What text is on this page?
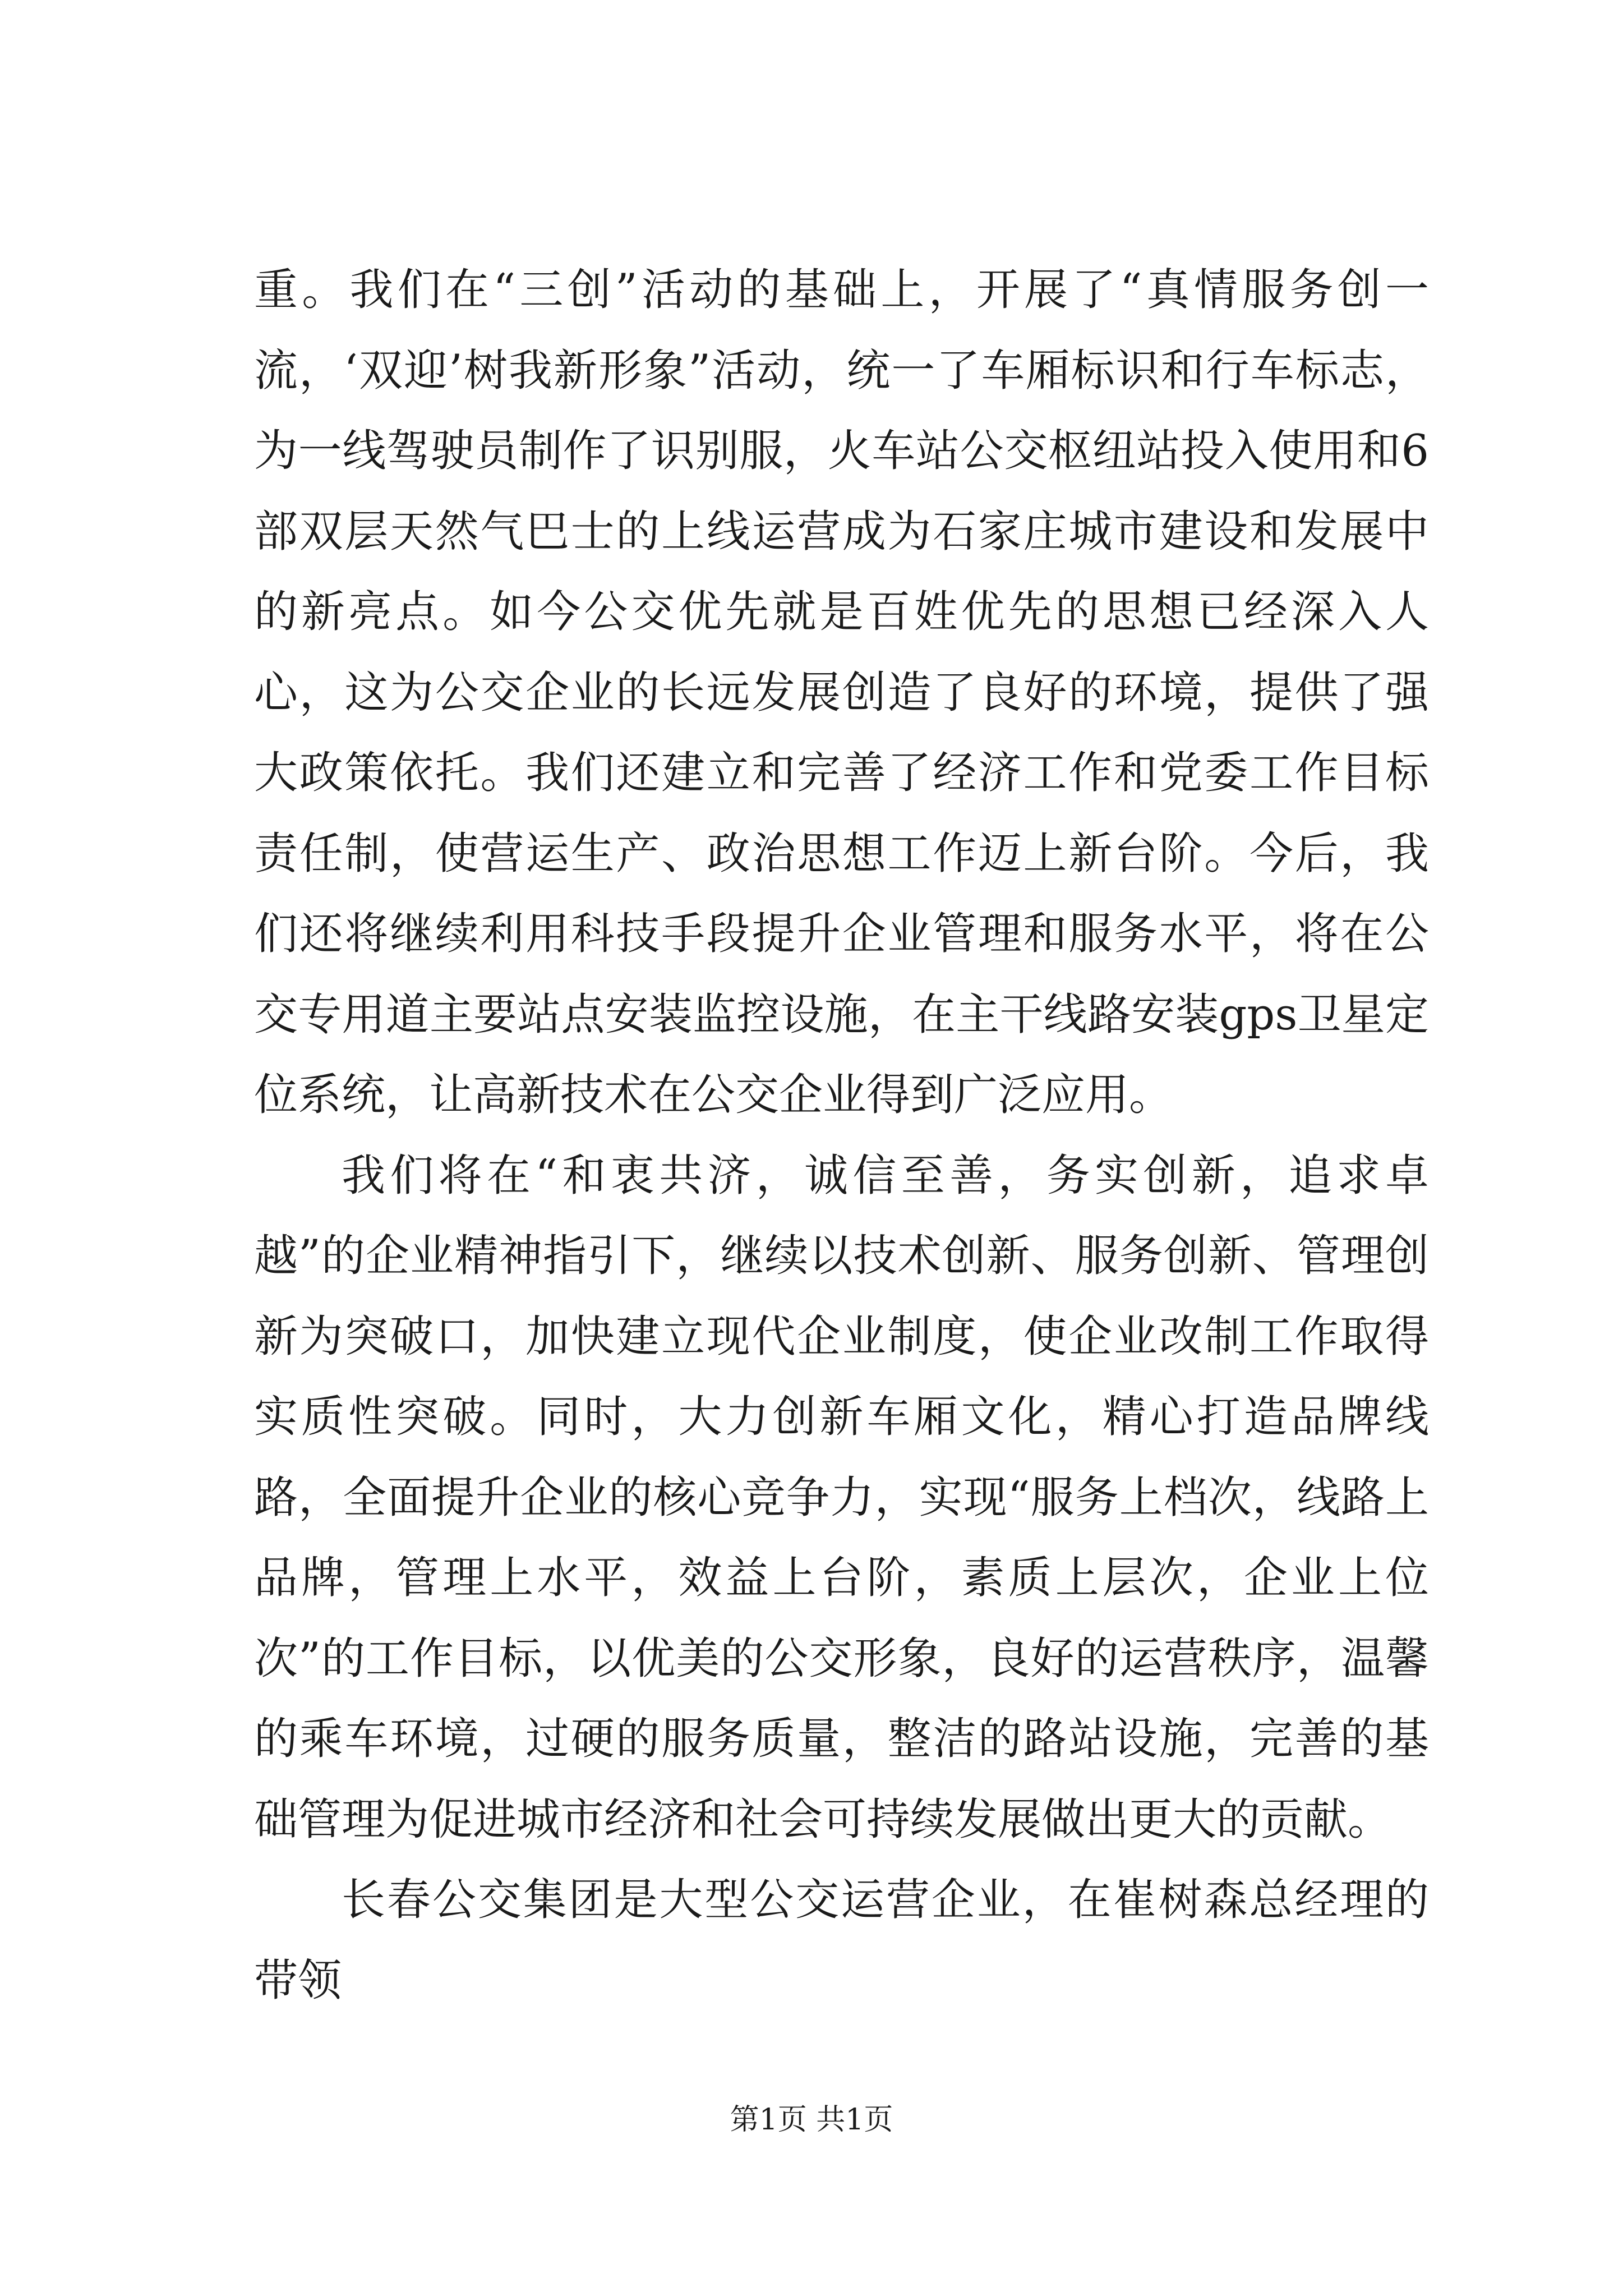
重。我们在“三创”活动的基础上，开展了“真情服务创一流，‘双迎’树我新形象”活动，统一了车厢标识和行车标志，为一线驾驶员制作了识别服，火车站公交枢纽站投入使用和6部双层天然气巴士的上线运营成为石家庄城市建设和发展中的新亮点。如今公交优先就是百姓优先的思想已经深入人心，这为公交企业的长远发展创造了良好的环境，提供了强大政策依托。我们还建立和完善了经济工作和党委工作目标责任制，使营运生产、政治思想工作迈上新台阶。今后，我们还将继续利用科技手段提升企业管理和服务水平，将在公交专用道主要站点安装监控设施，在主干线路安装gps卫星定位系统，让高新技术在公交企业得到广泛应用。

我们将在“和衷共济，诚信至善，务实创新，追求卓越”的企业精神指引下，继续以技术创新、服务创新、管理创新为突破口，加快建立现代企业制度，使企业改制工作取得实质性突破。同时，大力创新车厢文化，精心打造品牌线路，全面提升企业的核心竞争力，实现“服务上档次，线路上品牌，管理上水平，效益上台阶，素质上层次，企业上位次”的工作目标，以优美的公交形象，良好的运营秩序，温馨的乘车环境，过硬的服务质量，整洁的路站设施，完善的基础管理为促进城市经济和社会可持续发展做出更大的贡献。

长春公交集团是大型公交运营企业，在崔树森总经理的带领

第1页 共1页
